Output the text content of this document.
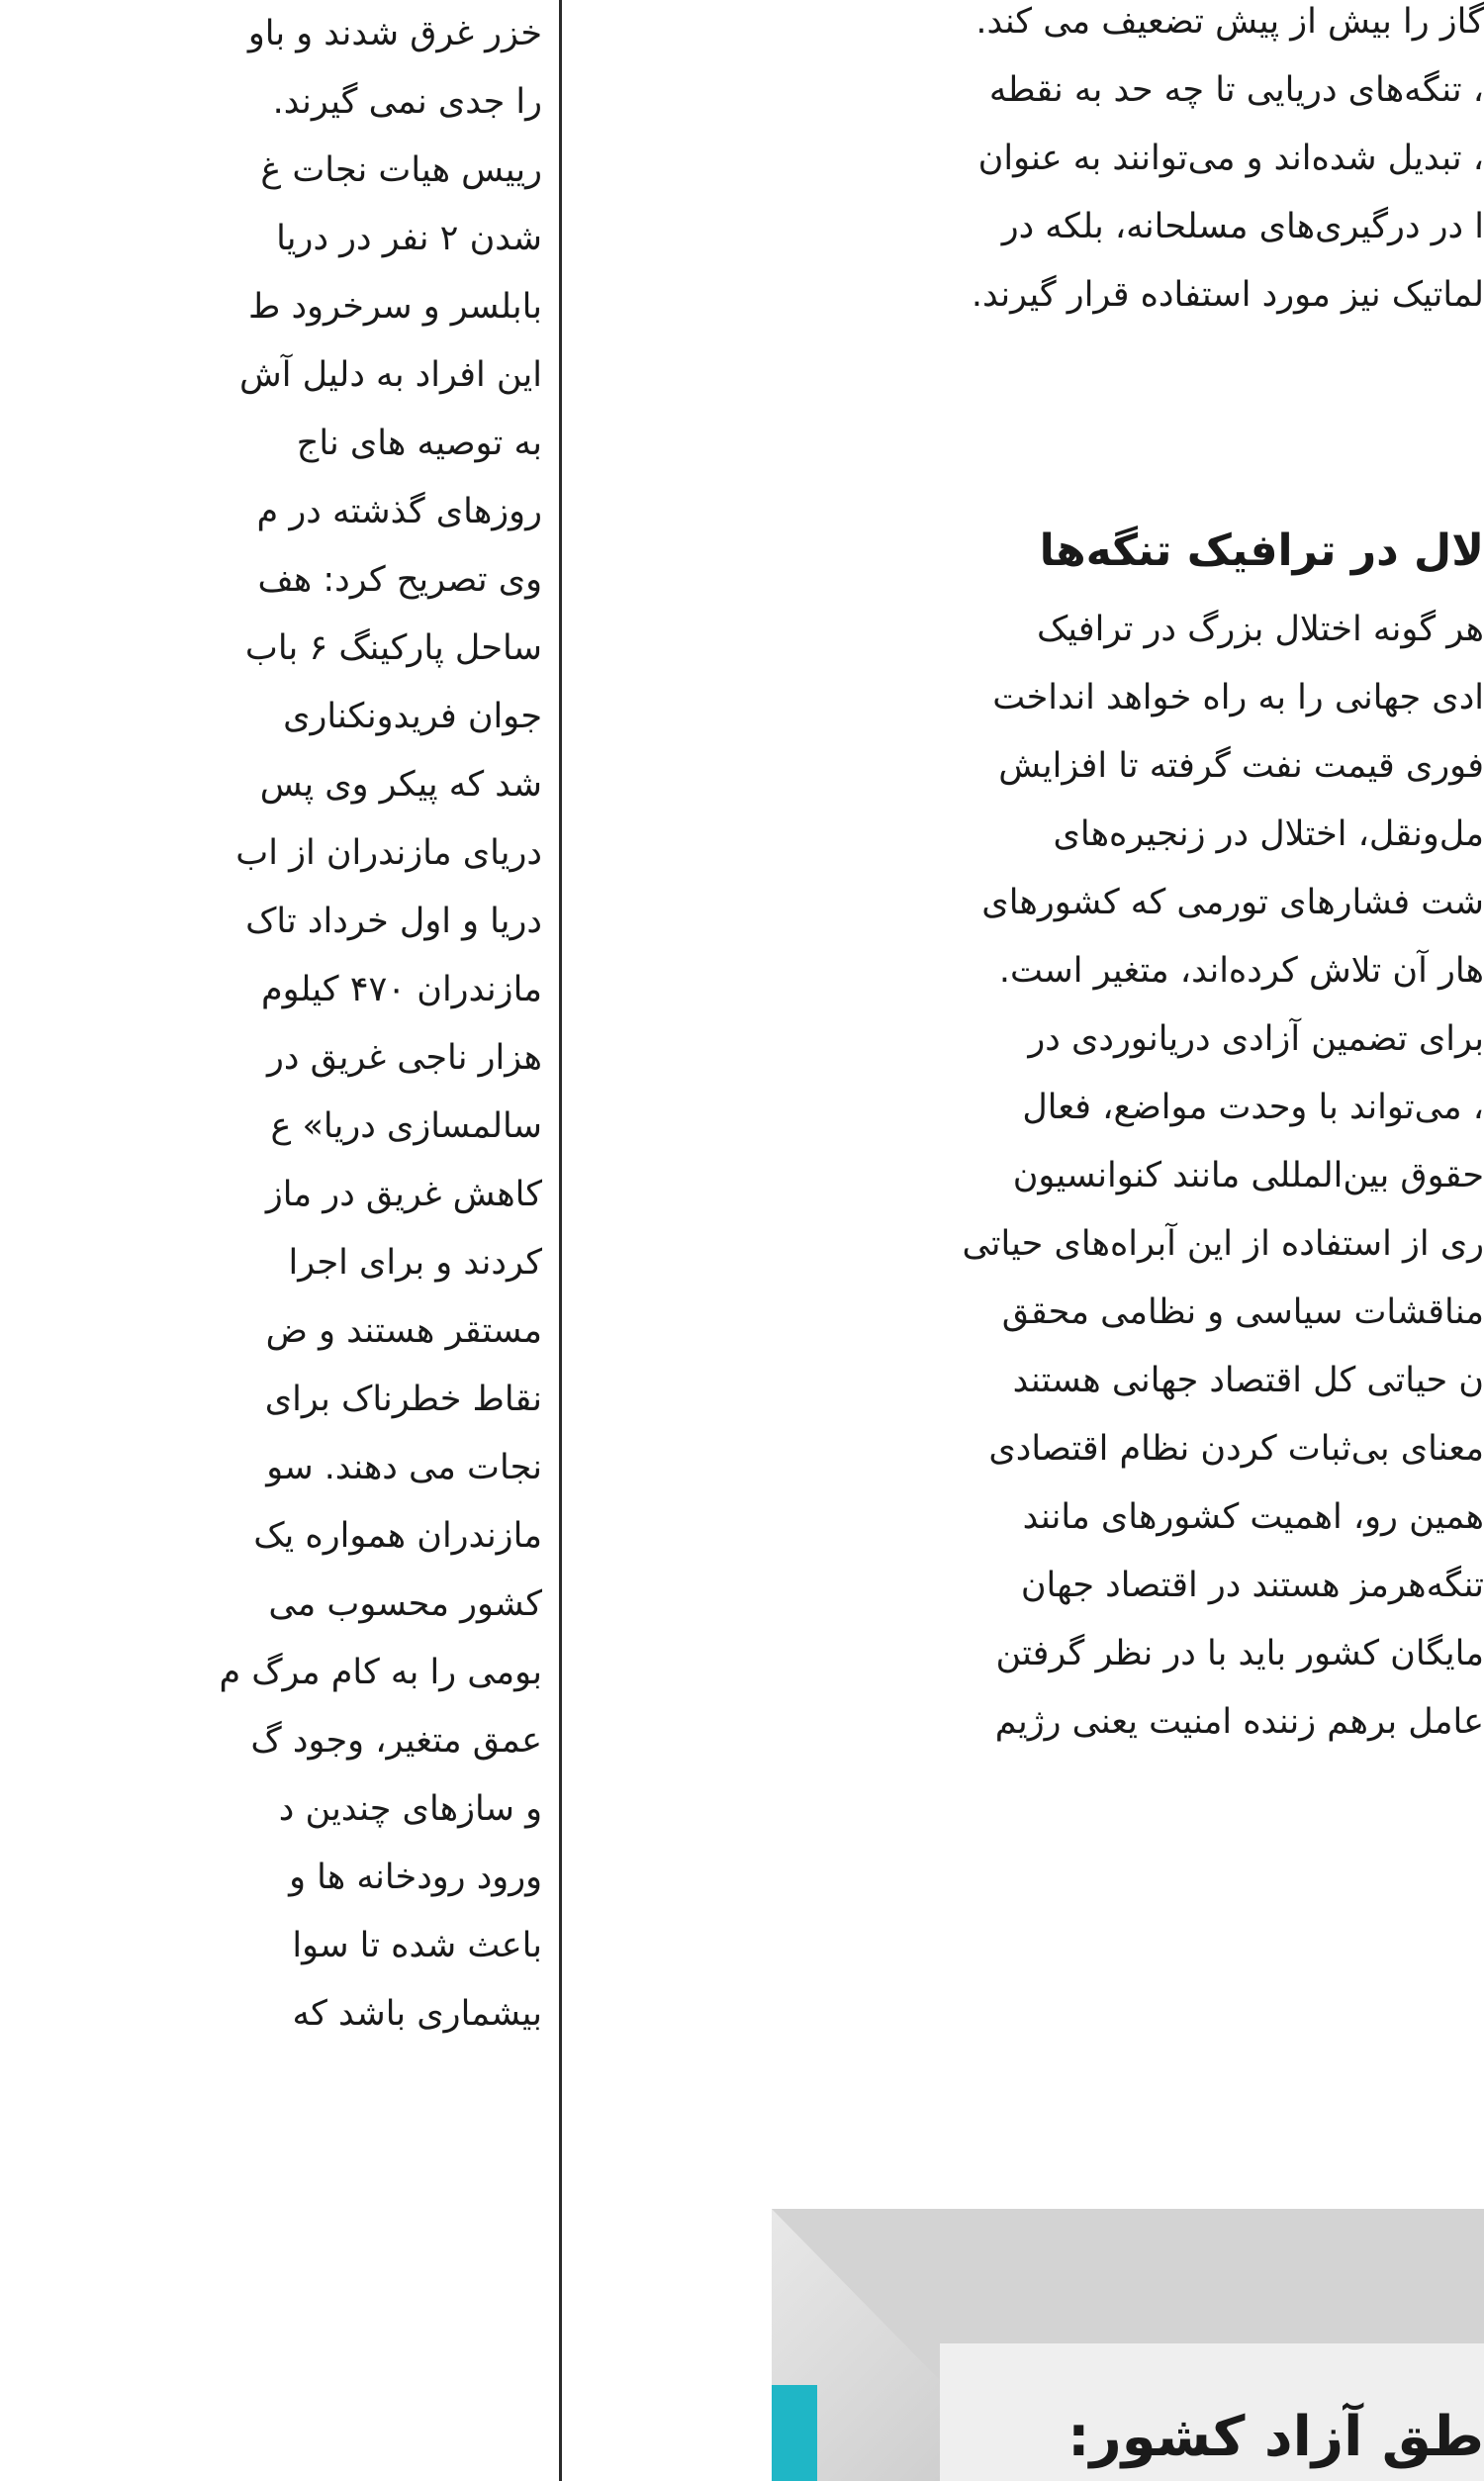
خزر غرق شدند و باو
را جدی نمی گیرند.
رییس هیات نجات غ
شدن ۲ نفر در دریا
بابلسر و سرخرود ط
این افراد به دلیل آش
به توصیه های ناج
روزهای گذشته در م
وی تصریح کرد: هف
ساحل پارکینگ ۶ باب
جوان فریدونکناری
شد که پیکر وی پس
دریای مازندران از اب
دریا و اول خرداد تاک
مازندران ۴۷۰ کیلوم
هزار ناجی غریق در
سالمسازی دریا» ع
کاهش غریق در ماز
کردند و برای اجرا
مستقر هستند و ض
نقاط خطرناک برای
نجات می دهند. سو
مازندران همواره یک
کشور محسوب می
بومی را به کام مرگ م
عمق متغیر، وجود گ
و سازهای چندین د
ورود رودخانه ها و
باعث شده تا سوا
بیشماری باشد که
گاز را بیش از پیش تضعیف می کند.
، تنگه‌های دریایی تا چه حد به نقطه
، تبدیل شده‌اند و می‌توانند به عنوان
ا در درگیری‌های مسلحانه، بلکه در
لماتیک نیز مورد استفاده قرار گیرند.
لال در ترافیک تنگه‌ها
هر گونه اختلال بزرگ در ترافیک
ادی جهانی را به راه خواهد انداخت
فوری قیمت نفت گرفته تا افزایش
مل‌ونقل، اختلال در زنجیره‌های
شت فشارهای تورمی که کشورهای
ِهار آن تلاش کرده‌اند، متغیر است.
برای تضمین آزادی دریانوردی در
، می‌تواند با وحدت مواضع، فعال
حقوق بین‌المللی مانند کنوانسیون
ری از استفاده از این آبراه‌های حیاتی
مناقشات سیاسی و نظامی محقق
ن حیاتی کل اقتصاد جهانی هستند
معنای بی‌ثبات کردن نظام اقتصادی
همین رو، اهمیت کشورهای مانند
تنگه‌هرمز هستند در اقتصاد جهان
مایگان کشور باید با در نظر گرفتن
عامل برهم زننده امنیت یعنی رژیم
طق آزاد کشور:
